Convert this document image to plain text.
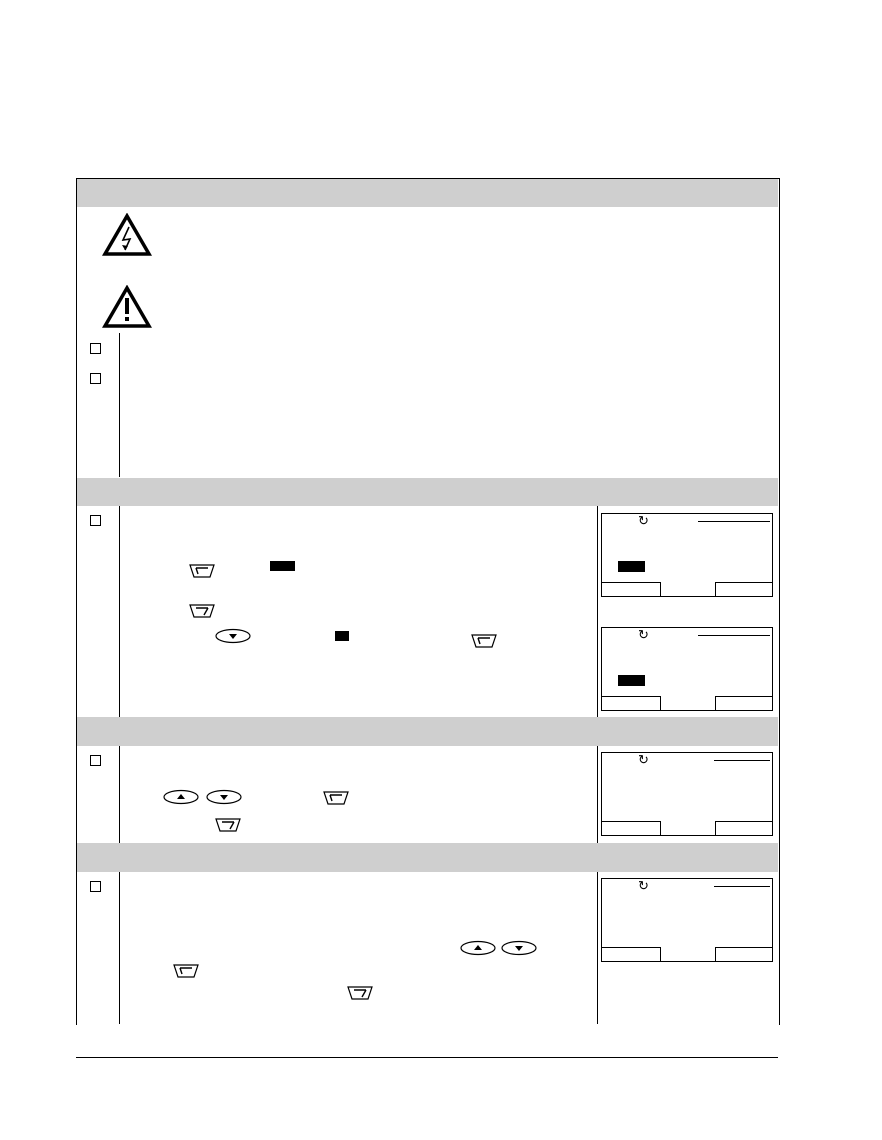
↻
↻
↻
↻
